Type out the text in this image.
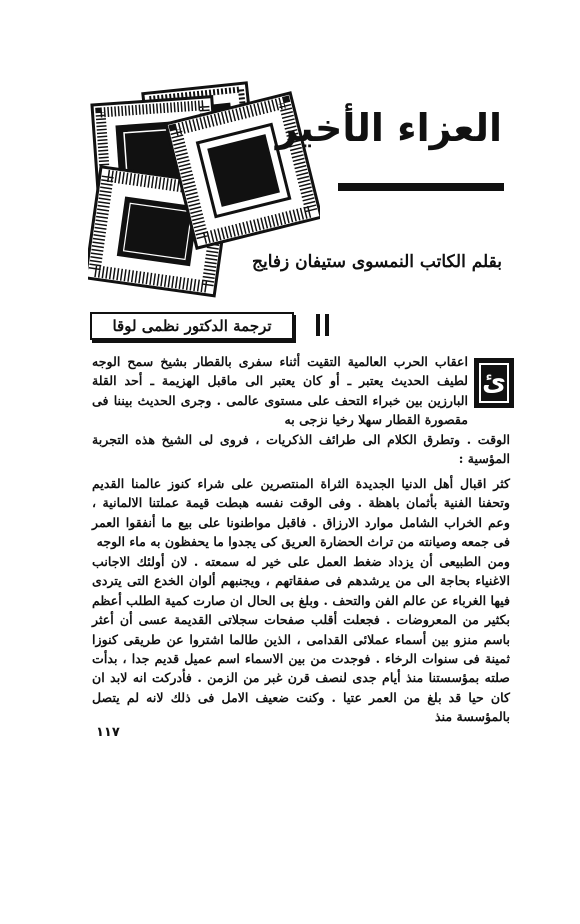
العزاء الأخير
بقلم الكاتب النمسوى ستيفان زفايج
ترجمة الدكتور نظمى لوقا
ئ
اعقاب الحرب العالمية التقيت أثناء سفرى بالقطار بشيخ سمح الوجه لطيف الحديث يعتبر ـ أو كان يعتبر الى ماقبل الهزيمة ـ أحد القلة البارزين بين خبراء التحف على مستوى عالمى . وجرى الحديث بيننا فى مقصورة القطار سهلا رخيا نزجى به
الوقت . وتطرق الكلام الى طرائف الذكريات ، فروى لى الشيخ هذه التجربة المؤسية :
كثر اقبال أهل الدنيا الجديدة الثراة المنتصرين على شراء كنوز عالمنا القديم وتحفنا الفنية بأثمان باهظة . وفى الوقت نفسه هبطت قيمة عملتنا الالمانية ، وعم الخراب الشامل موارد الارزاق . فاقبل مواطنونا على بيع ما أنفقوا العمر فى جمعه وصيانته من تراث الحضارة العريق كى يجدوا ما يحفظون به ماء الوجه
ومن الطبيعى أن يزداد ضغط العمل على خير له سمعته . لان أولئك الاجانب الاغنياء بحاجة الى من يرشدهم فى صفقاتهم ، ويجنبهم ألوان الخدع التى يتردى فيها الغرباء عن عالم الفن والتحف . وبلغ بى الحال ان صارت كمية الطلب أعظم بكثير من المعروضات . فجعلت أقلب صفحات سجلاتى القديمة عسى أن أعثر باسم منزو بين أسماء عملائى القدامى ، الذين طالما اشتروا عن طريقى كنوزا ثمينة فى سنوات الرخاء . فوجدت من بين الاسماء اسم عميل قديم جدا ، بدأت صلته بمؤسستنا منذ أيام جدى لنصف قرن غبر من الزمن . فأدركت انه لابد ان كان حيا قد بلغ من العمر عتيا . وكنت ضعيف الامل فى ذلك لانه لم يتصل بالمؤسسة منذ
١١٧
